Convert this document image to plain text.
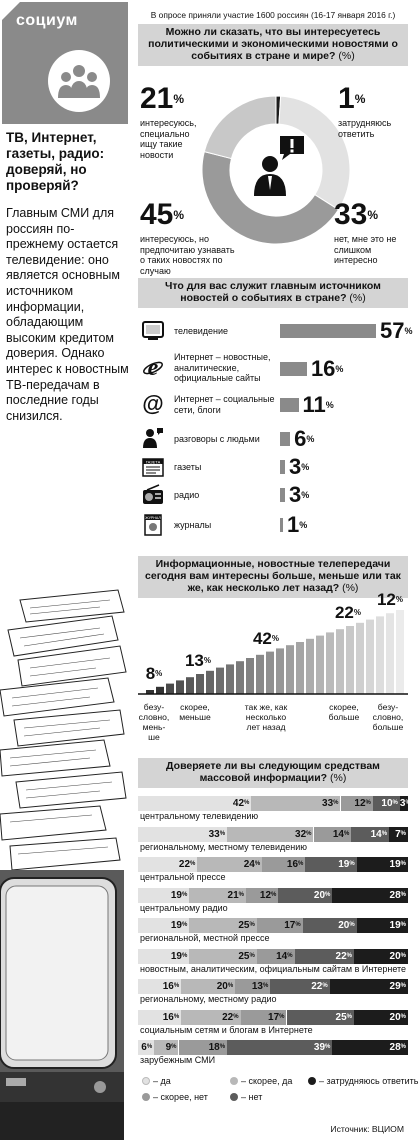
социум
ТВ, Интернет, газеты, радио: доверяй, но проверяй?
Главным СМИ для россиян по-прежнему остается телевидение: оно является основным источником информации, обладающим высоким кредитом доверия. Однако интерес к новостным ТВ-передачам в последние годы снизился.
В опросе приняли участие 1600 россиян (16-17 января 2016 г.)
Можно ли сказать, что вы интересуетесь политическими и экономическими новостями о событиях в стране и мире? (%)
21%
интересуюсь, специально ищу такие новости
1%
затрудняюсь ответить
45%
интересуюсь, но предпочитаю узнавать о таких новостях по случаю
33%
нет, мне это не слишком интересно
Что для вас служит главным источником новостей о событиях в стране? (%)
телевидение	57%
e Интернет – новостные, аналитические, официальные сайты	16%
@ Интернет – социальные сети, блоги	11%
разговоры с людьми 6%
ГАЗЕТА
газеты	3%
радио	3%
ЖУРНАЛ
журналы	1%
Информационные, новостные телепередачи сегодня вам интересны больше, меньше или так же, как несколько лет назад? (%)
8%
13%
42%
22%
12%
безу-
словно,
мень-
ше
скорее,
меньше
так же, как
несколько
лет назад
скорее,
больше
безу-
словно,
больше
Доверяете ли вы следующим средствам массовой информации? (%)
42%	33%	12%	10% 3%
центральному телевидению
33%	32%	14%	14% 7%
региональному, местному телевидению
22%	24%	16%	19%	19%
центральной прессе
19%	21%	12%	20%	28%
центральному радио
19%	25%	17%	20%	19%
региональной, местной прессе
19%	25%	14%	22%	20%
новостным, аналитическим, официальным сайтам в Интернете
16%	20%	13%	22%	29%
региональному, местному радио
16%	22%	17%	25%	20%
социальным сетям и блогам в Интернете
6%	9%	18%	39%	28%
зарубежным СМИ
– да	– скорее, да	– затрудняюсь ответить
– скорее, нет	– нет
Источник: ВЦИОМ
